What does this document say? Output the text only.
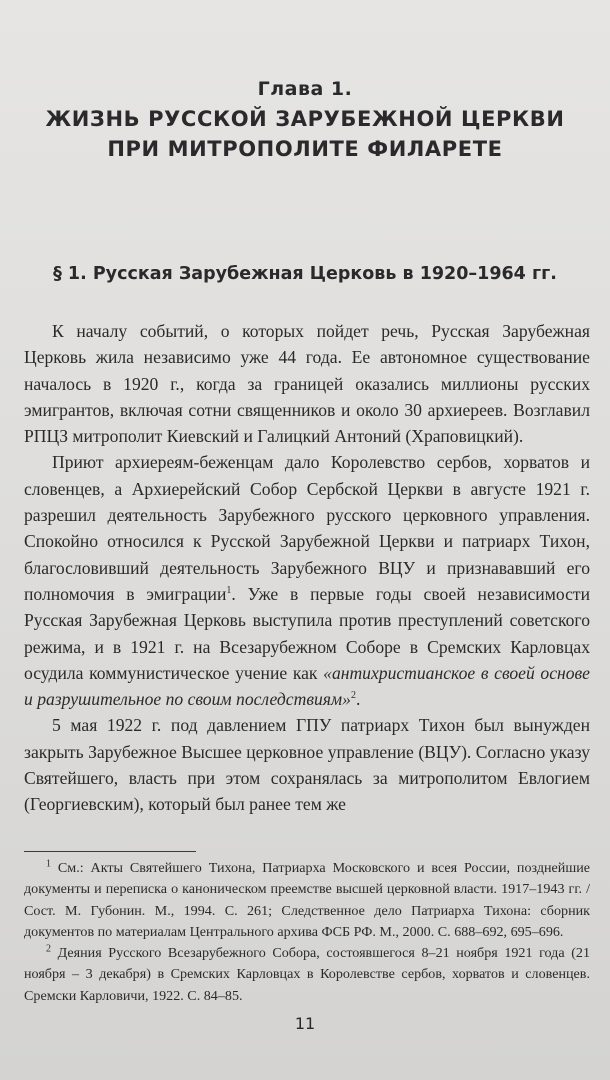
Глава 1.
ЖИЗНЬ РУССКОЙ ЗАРУБЕЖНОЙ ЦЕРКВИ
ПРИ МИТРОПОЛИТЕ ФИЛАРЕТЕ
§ 1. Русская Зарубежная Церковь в 1920–1964 гг.

К началу событий, о которых пойдет речь, Русская Зарубежная Церковь жила независимо уже 44 года. Ее автономное существование началось в 1920 г., когда за границей оказались миллионы русских эмигрантов, включая сотни священников и около 30 архиереев. Возглавил РПЦЗ митрополит Киевский и Галицкий Антоний (Храповицкий).

Приют архиереям-беженцам дало Королевство сербов, хорватов и словенцев, а Архиерейский Собор Сербской Церкви в августе 1921 г. разрешил деятельность Зарубежного русского церковного управления. Спокойно относился к Русской Зарубежной Церкви и патриарх Тихон, благословивший деятельность Зарубежного ВЦУ и признававший его полномочия в эмиграции$^1$. Уже в первые годы своей независимости Русская Зарубежная Церковь выступила против преступлений советского режима, и в 1921 г. на Всезарубежном Соборе в Сремских Карловцах осудила коммунистическое учение как «антихристианское в своей основе и разрушительное по своим последствиям»$^2$.

5 мая 1922 г. под давлением ГПУ патриарх Тихон был вынужден закрыть Зарубежное Высшее церковное управление (ВЦУ). Согласно указу Святейшего, власть при этом сохранялась за митрополитом Евлогием (Георгиевским), который был ранее тем же

$^1$ См.: Акты Святейшего Тихона, Патриарха Московского и всея России, позднейшие документы и переписка о каноническом преемстве высшей церковной власти. 1917–1943 гг. / Сост. М. Губонин. М., 1994. С. 261; Следственное дело Патриарха Тихона: сборник документов по материалам Центрального архива ФСБ РФ. М., 2000. С. 688–692, 695–696.

$^2$ Деяния Русского Всезарубежного Собора, состоявшегося 8–21 ноября 1921 года (21 ноября – 3 декабря) в Сремских Карловцах в Королевстве сербов, хорватов и словенцев. Сремски Карловичи, 1922. С. 84–85.

11
